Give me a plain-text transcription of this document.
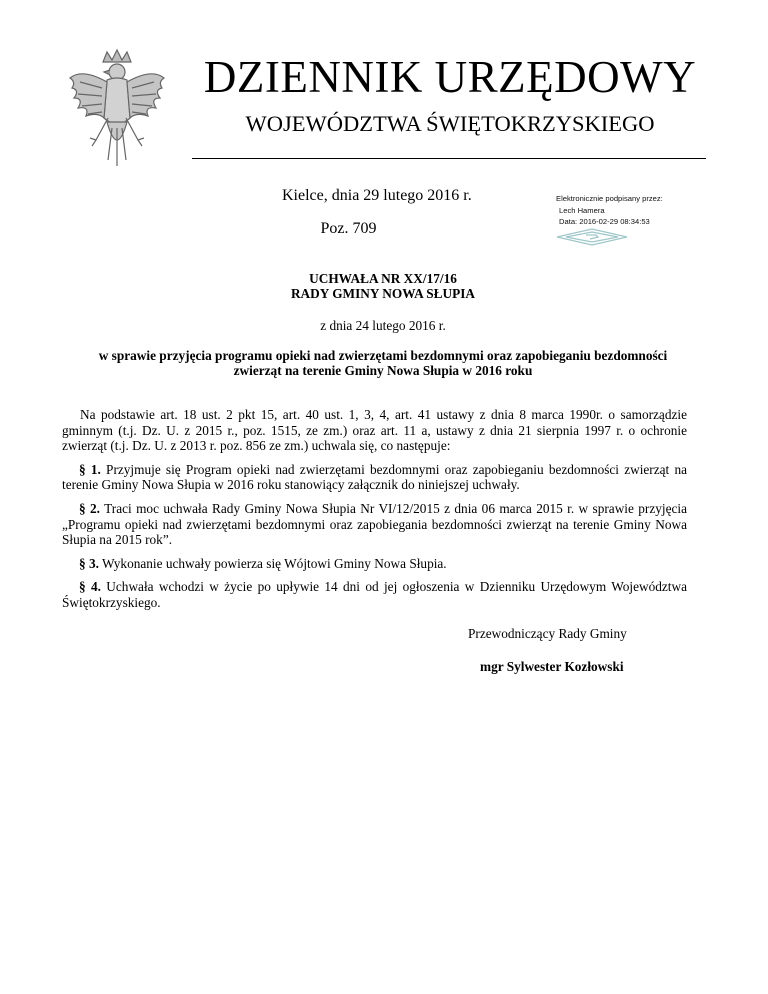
DZIENNIK URZĘDOWY
WOJEWÓDZTWA ŚWIĘTOKRZYSKIEGO
Kielce, dnia 29 lutego 2016 r.
Poz. 709
Elektronicznie podpisany przez:
Lech Hamera
Data: 2016-02-29 08:34:53
UCHWAŁA NR XX/17/16
RADY GMINY NOWA SŁUPIA
z dnia 24 lutego 2016 r.
w sprawie przyjęcia programu opieki nad zwierzętami bezdomnymi oraz zapobieganiu bezdomności
zwierząt na terenie Gminy Nowa Słupia w 2016 roku

Na podstawie art. 18 ust. 2 pkt 15, art. 40 ust. 1, 3, 4, art. 41 ustawy z dnia 8 marca 1990r. o samorządzie gminnym (t.j. Dz. U. z 2015 r., poz. 1515, ze zm.) oraz art. 11 a, ustawy z dnia 21 sierpnia 1997 r. o ochronie zwierząt (t.j. Dz. U. z 2013 r. poz. 856 ze zm.) uchwala się, co następuje:

§ 1. Przyjmuje się Program opieki nad zwierzętami bezdomnymi oraz zapobieganiu bezdomności zwierząt na terenie Gminy Nowa Słupia w 2016 roku stanowiący załącznik do niniejszej uchwały.

§ 2. Traci moc uchwała Rady Gminy Nowa Słupia Nr VI/12/2015 z dnia 06 marca 2015 r. w sprawie przyjęcia „Programu opieki nad zwierzętami bezdomnymi oraz zapobiegania bezdomności zwierząt na terenie Gminy Nowa Słupia na 2015 rok”.

§ 3. Wykonanie uchwały powierza się Wójtowi Gminy Nowa Słupia.

§ 4. Uchwała wchodzi w życie po upływie 14 dni od jej ogłoszenia w Dzienniku Urzędowym Województwa Świętokrzyskiego.

Przewodniczący Rady Gminy
mgr Sylwester Kozłowski
